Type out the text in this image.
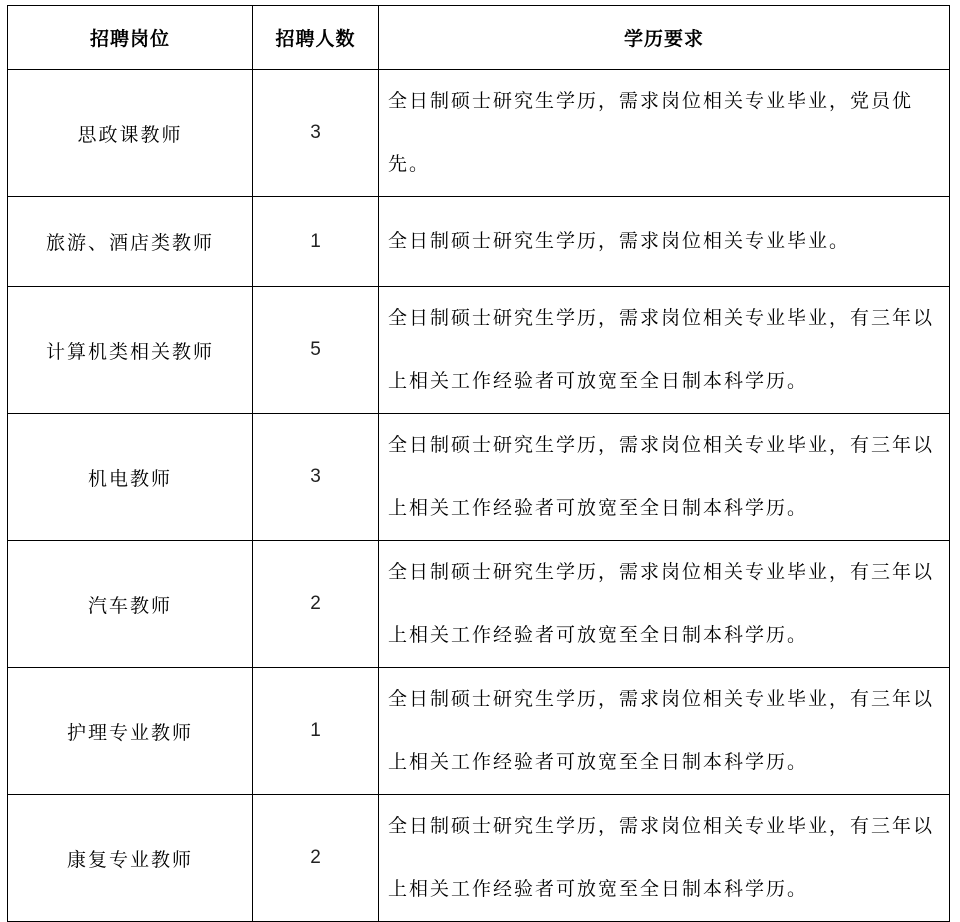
招聘岗位	招聘人数	学历要求
思政课教师	3	全日制硕士研究生学历，需求岗位相关专业毕业，党员优先。
旅游、酒店类教师	1	全日制硕士研究生学历，需求岗位相关专业毕业。
计算机类相关教师	5	全日制硕士研究生学历，需求岗位相关专业毕业，有三年以上相关工作经验者可放宽至全日制本科学历。
机电教师	3	全日制硕士研究生学历，需求岗位相关专业毕业，有三年以上相关工作经验者可放宽至全日制本科学历。
汽车教师	2	全日制硕士研究生学历，需求岗位相关专业毕业，有三年以上相关工作经验者可放宽至全日制本科学历。
护理专业教师	1	全日制硕士研究生学历，需求岗位相关专业毕业，有三年以上相关工作经验者可放宽至全日制本科学历。
康复专业教师	2	全日制硕士研究生学历，需求岗位相关专业毕业，有三年以上相关工作经验者可放宽至全日制本科学历。
